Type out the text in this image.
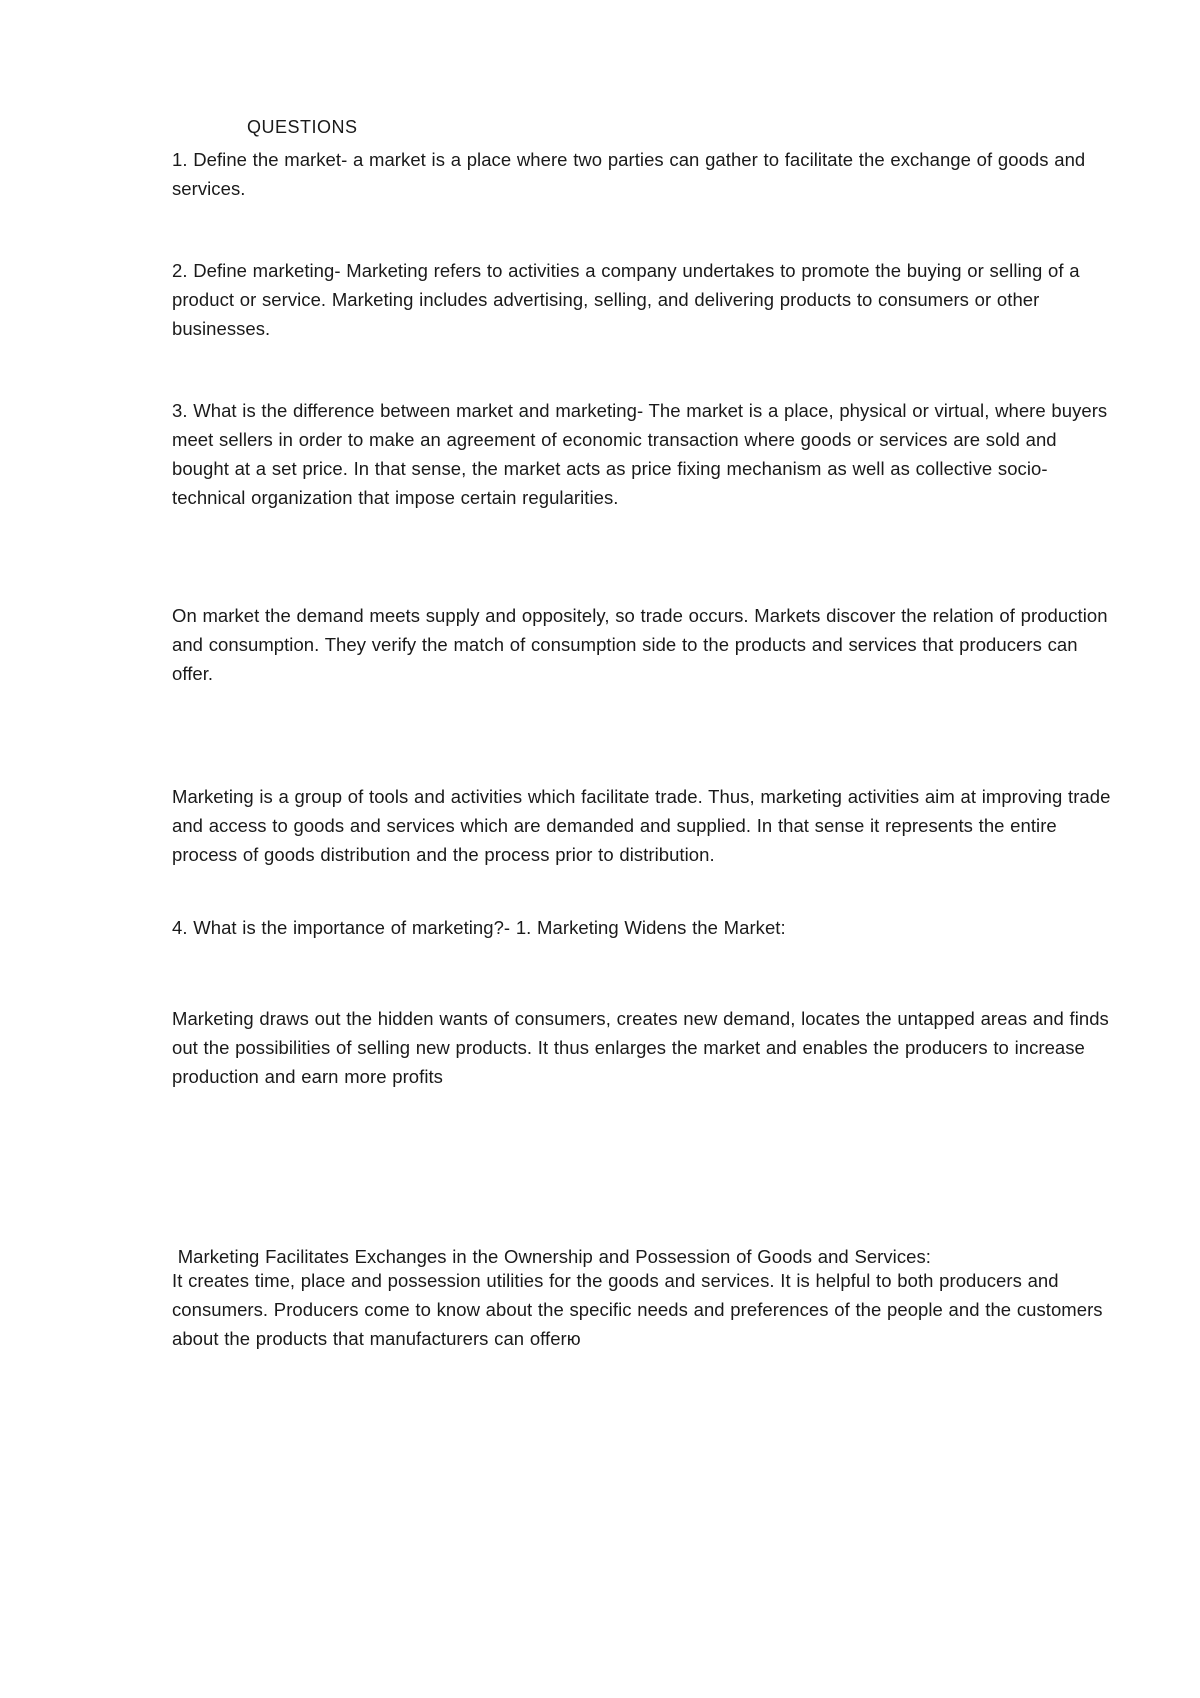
QUESTIONS

1. Define the market- a market is a place where two parties can gather to facilitate the exchange of goods and services.

2. Define marketing- Marketing refers to activities a company undertakes to promote the buying or selling of a product or service. Marketing includes advertising, selling, and delivering products to consumers or other businesses.

3. What is the difference between market and marketing- The market is a place, physical or virtual, where buyers meet sellers in order to make an agreement of economic transaction where goods or services are sold and bought at a set price. In that sense, the market acts as price fixing mechanism as well as collective socio-technical organization that impose certain regularities.

On market the demand meets supply and oppositely, so trade occurs. Markets discover the relation of production and consumption. They verify the match of consumption side to the products and services that producers can offer.

Marketing is a group of tools and activities which facilitate trade. Thus, marketing activities aim at improving trade and access to goods and services which are demanded and supplied. In that sense it represents the entire process of goods distribution and the process prior to distribution.

4. What is the importance of marketing?- 1. Marketing Widens the Market:

Marketing draws out the hidden wants of consumers, creates new demand, locates the untapped areas and finds out the possibilities of selling new products. It thus enlarges the market and enables the producers to increase production and earn more profits

Marketing Facilitates Exchanges in the Ownership and Possession of Goods and Services:

It creates time, place and possession utilities for the goods and services. It is helpful to both producers and consumers. Producers come to know about the specific needs and preferences of the people and the customers about the products that manufacturers can offerю
